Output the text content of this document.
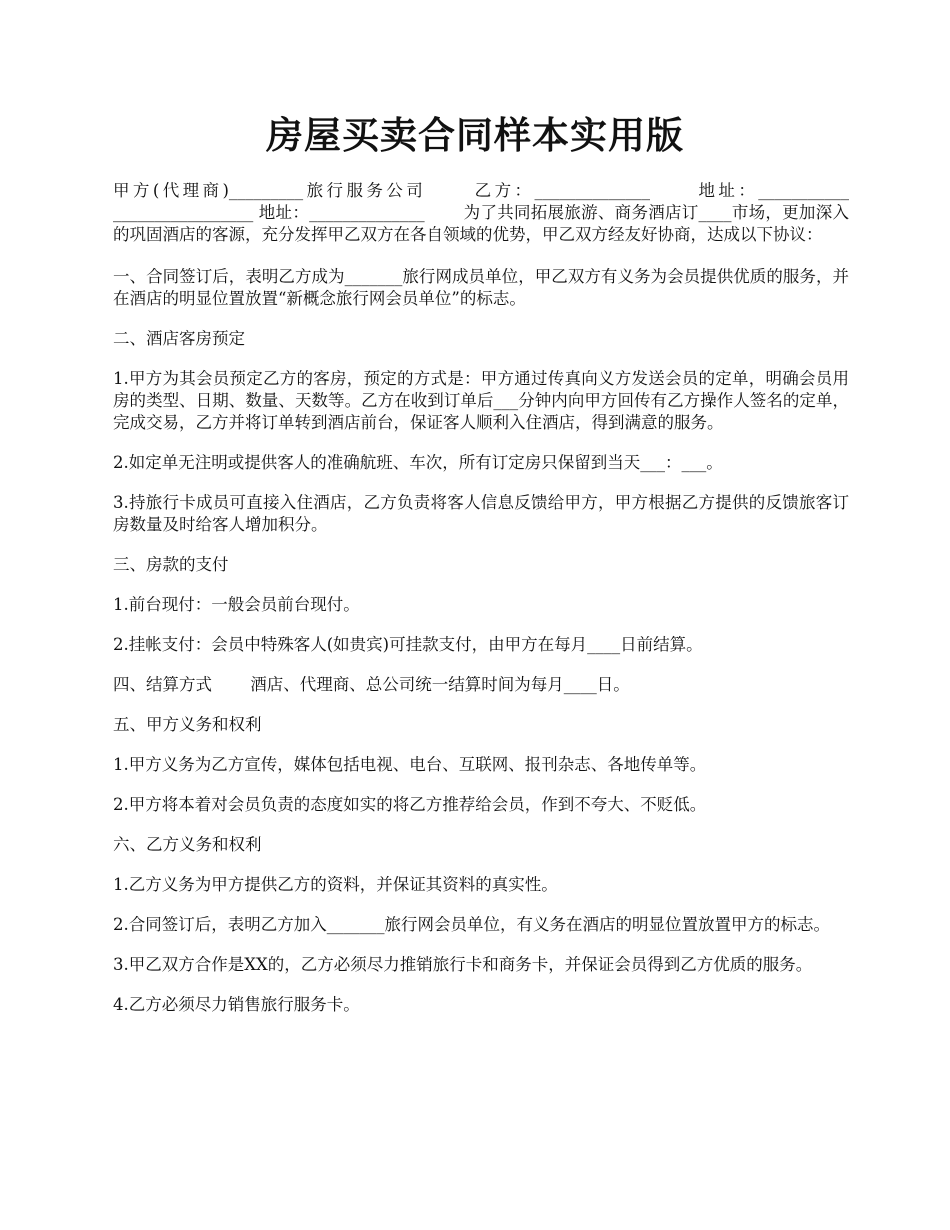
房屋买卖合同样本实用版

甲方(代理商)_________旅行服务公司 　　乙方：______________ 　　地址：___________ _________________ 地址：______________ 　　为了共同拓展旅游、商务酒店订____市场，更加深入的巩固酒店的客源，充分发挥甲乙双方在各自领域的优势，甲乙双方经友好协商，达成以下协议：

一、合同签订后，表明乙方成为_______旅行网成员单位，甲乙双方有义务为会员提供优质的服务，并在酒店的明显位置放置“新概念旅行网会员单位”的标志。

二、酒店客房预定

1.甲方为其会员预定乙方的客房，预定的方式是：甲方通过传真向义方发送会员的定单，明确会员用房的类型、日期、数量、天数等。乙方在收到订单后___分钟内向甲方回传有乙方操作人签名的定单，完成交易，乙方并将订单转到酒店前台，保证客人顺利入住酒店，得到满意的服务。

2.如定单无注明或提供客人的准确航班、车次，所有订定房只保留到当天___：___。

3.持旅行卡成员可直接入住酒店，乙方负责将客人信息反馈给甲方，甲方根据乙方提供的反馈旅客订房数量及时给客人增加积分。

三、房款的支付

1.前台现付：一般会员前台现付。

2.挂帐支付：会员中特殊客人(如贵宾)可挂款支付，由甲方在每月____日前结算。

四、结算方式 　　酒店、代理商、总公司统一结算时间为每月____日。

五、甲方义务和权利

1.甲方义务为乙方宣传，媒体包括电视、电台、互联网、报刊杂志、各地传单等。

2.甲方将本着对会员负责的态度如实的将乙方推荐给会员，作到不夸大、不贬低。

六、乙方义务和权利

1.乙方义务为甲方提供乙方的资料，并保证其资料的真实性。

2.合同签订后，表明乙方加入_______旅行网会员单位，有义务在酒店的明显位置放置甲方的标志。

3.甲乙双方合作是XX的，乙方必须尽力推销旅行卡和商务卡，并保证会员得到乙方优质的服务。

4.乙方必须尽力销售旅行服务卡。
